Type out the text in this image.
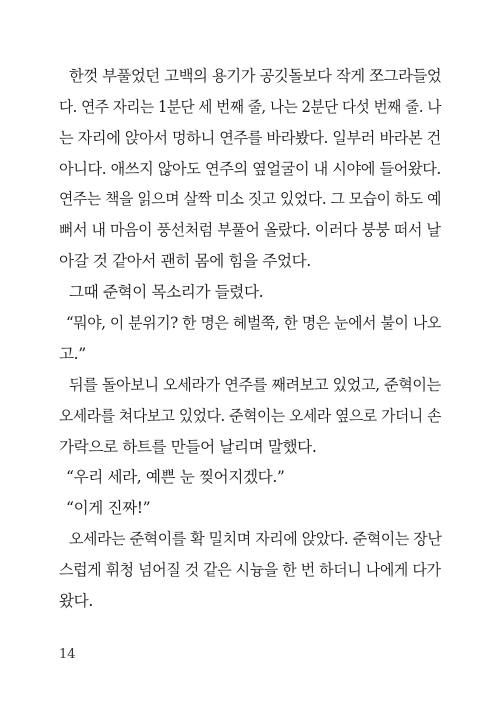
한껏 부풀었던 고백의 용기가 공깃돌보다 작게 쪼그라들었
다. 연주 자리는 1분단 세 번째 줄, 나는 2분단 다섯 번째 줄. 나
는 자리에 앉아서 멍하니 연주를 바라봤다. 일부러 바라본 건
아니다. 애쓰지 않아도 연주의 옆얼굴이 내 시야에 들어왔다.
연주는 책을 읽으며 살짝 미소 짓고 있었다. 그 모습이 하도 예
뻐서 내 마음이 풍선처럼 부풀어 올랐다. 이러다 붕붕 떠서 날
아갈 것 같아서 괜히 몸에 힘을 주었다.
그때 준혁이 목소리가 들렸다.
“뭐야, 이 분위기? 한 명은 헤벌쭉, 한 명은 눈에서 불이 나오
고.”
뒤를 돌아보니 오세라가 연주를 째려보고 있었고, 준혁이는
오세라를 쳐다보고 있었다. 준혁이는 오세라 옆으로 가더니 손
가락으로 하트를 만들어 날리며 말했다.
“우리 세라, 예쁜 눈 찢어지겠다.”
“이게 진짜!”
오세라는 준혁이를 확 밀치며 자리에 앉았다. 준혁이는 장난
스럽게 휘청 넘어질 것 같은 시늉을 한 번 하더니 나에게 다가
왔다.
14
